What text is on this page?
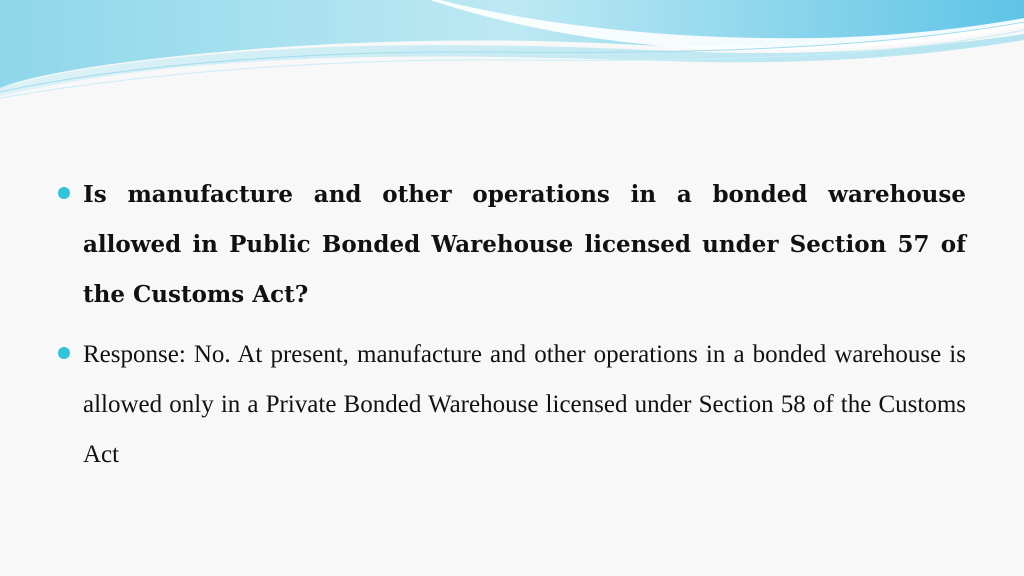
Is manufacture and other operations in a bonded warehouse allowed in Public Bonded Warehouse licensed under Section 57 of the Customs Act?
Response: No. At present, manufacture and other operations in a bonded warehouse is allowed only in a Private Bonded Warehouse licensed under Section 58 of the Customs Act
